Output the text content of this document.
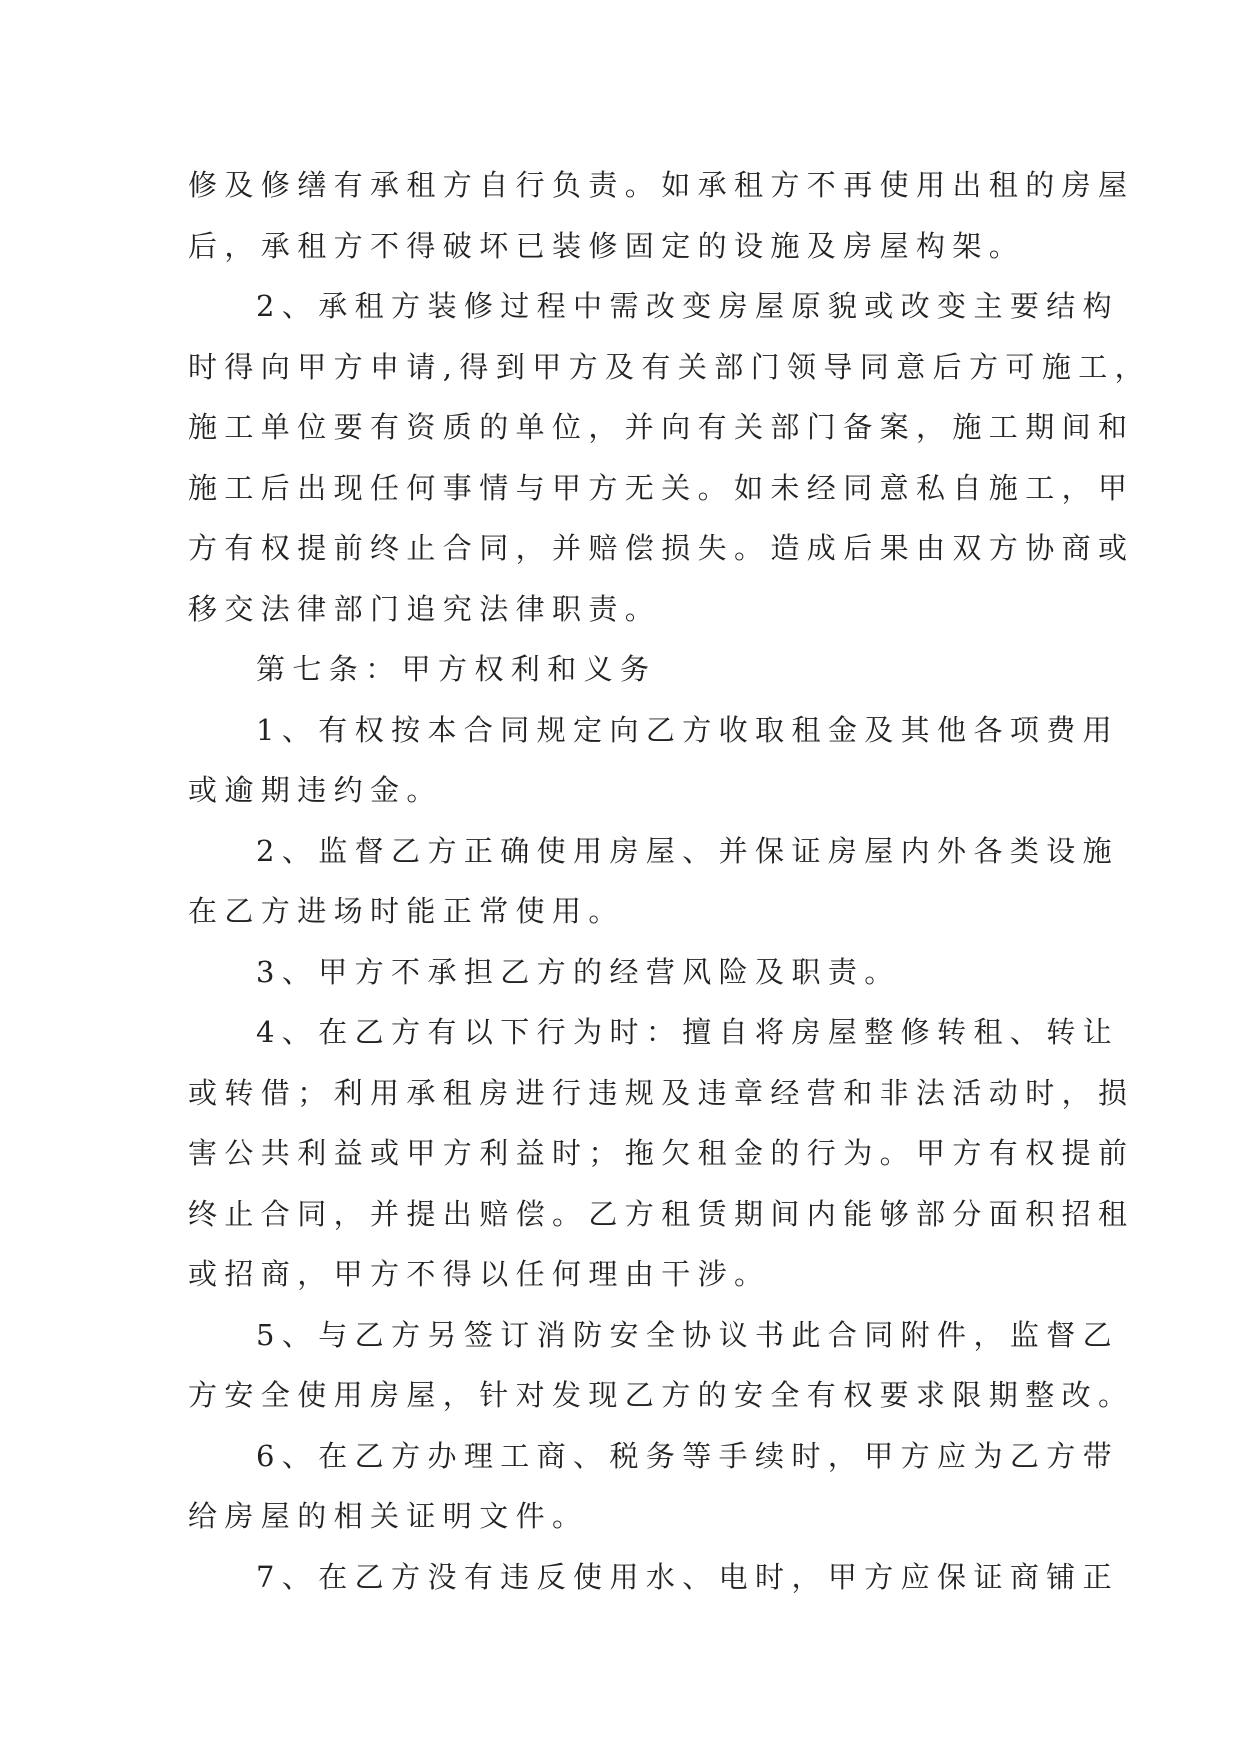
修及修缮有承租方自行负责。如承租方不再使用出租的房屋
后，承租方不得破坏已装修固定的设施及房屋构架。
2、承租方装修过程中需改变房屋原貌或改变主要结构
时得向甲方申请,得到甲方及有关部门领导同意后方可施工，
施工单位要有资质的单位，并向有关部门备案，施工期间和
施工后出现任何事情与甲方无关。如未经同意私自施工，甲
方有权提前终止合同，并赔偿损失。造成后果由双方协商或
移交法律部门追究法律职责。
第七条：甲方权利和义务
1、有权按本合同规定向乙方收取租金及其他各项费用
或逾期违约金。
2、监督乙方正确使用房屋、并保证房屋内外各类设施
在乙方进场时能正常使用。
3、甲方不承担乙方的经营风险及职责。
4、在乙方有以下行为时：擅自将房屋整修转租、转让
或转借；利用承租房进行违规及违章经营和非法活动时，损
害公共利益或甲方利益时；拖欠租金的行为。甲方有权提前
终止合同，并提出赔偿。乙方租赁期间内能够部分面积招租
或招商，甲方不得以任何理由干涉。
5、与乙方另签订消防安全协议书此合同附件，监督乙
方安全使用房屋，针对发现乙方的安全有权要求限期整改。
6、在乙方办理工商、税务等手续时，甲方应为乙方带
给房屋的相关证明文件。
7、在乙方没有违反使用水、电时，甲方应保证商铺正
